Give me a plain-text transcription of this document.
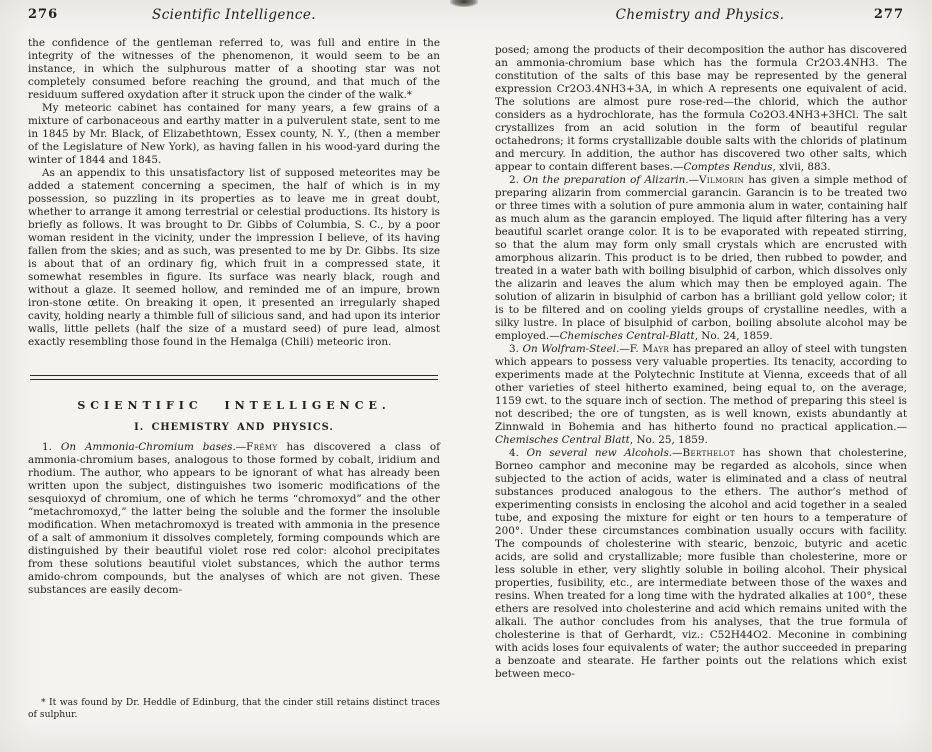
276	Scientific Intelligence.

the confidence of the gentleman referred to, was full and entire in the integrity of the witnesses of the phenomenon, it would seem to be an instance, in which the sulphurous matter of a shooting star was not completely consumed before reaching the ground, and that much of the residuum suffered oxydation after it struck upon the cinder of the walk.*

My meteoric cabinet has contained for many years, a few grains of a mixture of carbonaceous and earthy matter in a pulverulent state, sent to me in 1845 by Mr. Black, of Elizabethtown, Essex county, N. Y., (then a member of the Legislature of New York), as having fallen in his wood-yard during the winter of 1844 and 1845.

As an appendix to this unsatisfactory list of supposed meteorites may be added a statement concerning a specimen, the half of which is in my possession, so puzzling in its properties as to leave me in great doubt, whether to arrange it among terrestrial or celestial productions. Its history is briefly as follows. It was brought to Dr. Gibbs of Columbia, S. C., by a poor woman resident in the vicinity, under the impression I believe, of its having fallen from the skies; and as such, was presented to me by Dr. Gibbs. Its size is about that of an ordinary fig, which fruit in a compressed state, it somewhat resembles in figure. Its surface was nearly black, rough and without a glaze. It seemed hollow, and reminded me of an impure, brown iron-stone œtite. On breaking it open, it presented an irregularly shaped cavity, holding nearly a thimble full of silicious sand, and had upon its interior walls, little pellets (half the size of a mustard seed) of pure lead, almost exactly resembling those found in the Hemalga (Chili) meteoric iron.

SCIENTIFIC INTELLIGENCE.

I. CHEMISTRY AND PHYSICS.

1. On Ammonia-Chromium bases.—Frémy has discovered a class of ammonia-chromium bases, analogous to those formed by cobalt, iridium and rhodium. The author, who appears to be ignorant of what has already been written upon the subject, distinguishes two isomeric modifications of the sesquioxyd of chromium, one of which he terms “chromoxyd” and the other “metachromoxyd,” the latter being the soluble and the former the insoluble modification. When metachromoxyd is treated with ammonia in the presence of a salt of ammonium it dissolves completely, forming compounds which are distinguished by their beautiful violet rose red color: alcohol precipitates from these solutions beautiful violet substances, which the author terms amido-chrom compounds, but the analyses of which are not given. These substances are easily decom-

* It was found by Dr. Heddle of Edinburg, that the cinder still retains distinct traces of sulphur.
Chemistry and Physics.	277

posed; among the products of their decomposition the author has discovered an ammonia-chromium base which has the formula Cr2O3.4NH3. The constitution of the salts of this base may be represented by the general expression Cr2O3.4NH3+3A, in which A represents one equivalent of acid. The solutions are almost pure rose-red—the chlorid, which the author considers as a hydrochlorate, has the formula Co2O3.4NH3+3HCl. The salt crystallizes from an acid solution in the form of beautiful regular octahedrons; it forms crystallizable double salts with the chlorids of platinum and mercury. In addition, the author has discovered two other salts, which appear to contain different bases.—Comptes Rendus, xlvii, 883.

2. On the preparation of Alizarin.—Vilmorin has given a simple method of preparing alizarin from commercial garancin. Garancin is to be treated two or three times with a solution of pure ammonia alum in water, containing half as much alum as the garancin employed. The liquid after filtering has a very beautiful scarlet orange color. It is to be evaporated with repeated stirring, so that the alum may form only small crystals which are encrusted with amorphous alizarin. This product is to be dried, then rubbed to powder, and treated in a water bath with boiling bisulphid of carbon, which dissolves only the alizarin and leaves the alum which may then be employed again. The solution of alizarin in bisulphid of carbon has a brilliant gold yellow color; it is to be filtered and on cooling yields groups of crystalline needles, with a silky lustre. In place of bisulphid of carbon, boiling absolute alcohol may be employed.—Chemisches Central-Blatt, No. 24, 1859.

3. On Wolfram-Steel.—F. Mayr has prepared an alloy of steel with tungsten which appears to possess very valuable properties. Its tenacity, according to experiments made at the Polytechnic Institute at Vienna, exceeds that of all other varieties of steel hitherto examined, being equal to, on the average, 1159 cwt. to the square inch of section. The method of preparing this steel is not described; the ore of tungsten, as is well known, exists abundantly at Zinnwald in Bohemia and has hitherto found no practical application.—Chemisches Central Blatt, No. 25, 1859.

4. On several new Alcohols.—Berthelot has shown that cholesterine, Borneo camphor and meconine may be regarded as alcohols, since when subjected to the action of acids, water is eliminated and a class of neutral substances produced analogous to the ethers. The author’s method of experimenting consists in enclosing the alcohol and acid together in a sealed tube, and exposing the mixture for eight or ten hours to a temperature of 200°. Under these circumstances combination usually occurs with facility. The compounds of cholesterine with stearic, benzoic, butyric and acetic acids, are solid and crystallizable; more fusible than cholesterine, more or less soluble in ether, very slightly soluble in boiling alcohol. Their physical properties, fusibility, etc., are intermediate between those of the waxes and resins. When treated for a long time with the hydrated alkalies at 100°, these ethers are resolved into cholesterine and acid which remains united with the alkali. The author concludes from his analyses, that the true formula of cholesterine is that of Gerhardt, viz.: C52H44O2. Meconine in combining with acids loses four equivalents of water; the author succeeded in preparing a benzoate and stearate. He farther points out the relations which exist between meco-
